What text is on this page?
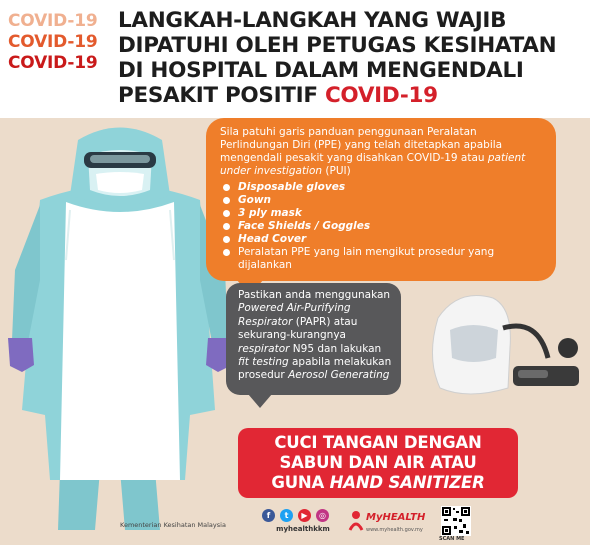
COVID-19
COVID-19
COVID-19
LANGKAH-LANGKAH YANG WAJIB DIPATUHI OLEH PETUGAS KESIHATAN DI HOSPITAL DALAM MENGENDALI PESAKIT POSITIF COVID-19
Sila patuhi garis panduan penggunaan Peralatan Perlindungan Diri (PPE) yang telah ditetapkan apabila mengendali pesakit yang disahkan COVID-19 atau patient under investigation (PUI)
Disposable gloves
Gown
3 ply mask
Face Shields / Goggles
Head Cover
Peralatan PPE yang lain mengikut prosedur yang dijalankan
Pastikan anda menggunakan Powered Air-Purifying Respirator (PAPR) atau sekurang-kurangnya respirator N95 dan lakukan fit testing apabila melakukan prosedur Aerosol Generating
CUCI TANGAN DENGAN
SABUN DAN AIR ATAU
GUNA HAND SANITIZER
Kementerian Kesihatan Malaysia
f	t	▶	◎
myhealthkkm
MyHEALTH
www.myhealth.gov.my
SCAN ME
